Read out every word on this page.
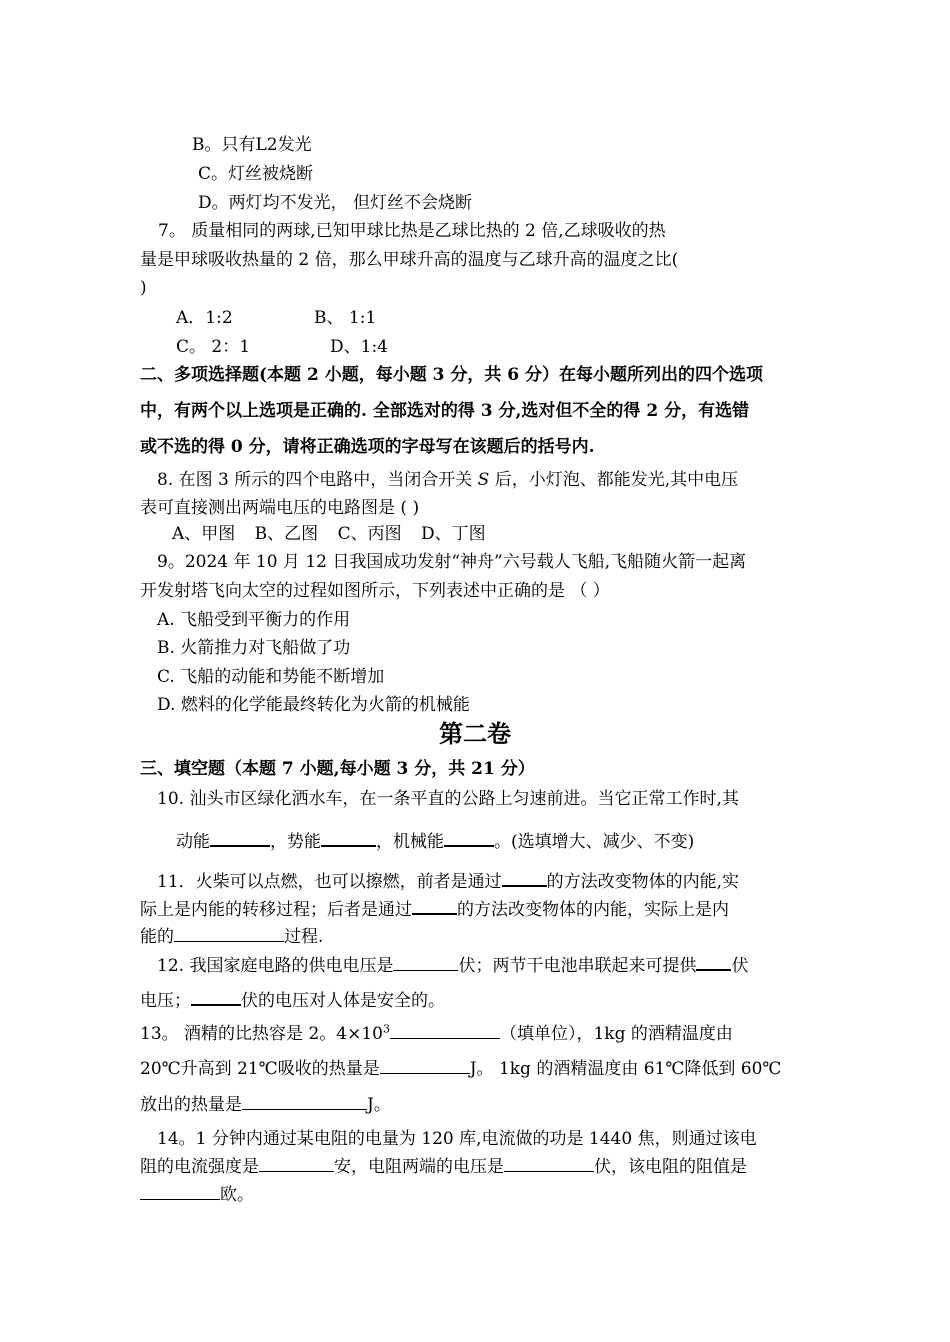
B。只有L2发光
C。灯丝被烧断
D。两灯均不发光， 但灯丝不会烧断
7。 质量相同的两球,已知甲球比热是乙球比热的 2 倍,乙球吸收的热
量是甲球吸收热量的 2 倍，那么甲球升高的温度与乙球升高的温度之比(
)
A．1:2	B、 1:1
C。 2：1	D、1:4
二、多项选择题(本题 2 小题，每小题 3 分，共 6 分）在每小题所列出的四个选项
中，有两个以上选项是正确的. 全部选对的得 3 分,选对但不全的得 2 分，有选错
或不选的得 0 分，请将正确选项的字母写在该题后的括号内.
8. 在图 3 所示的四个电路中，当闭合开关 S 后，小灯泡、都能发光,其中电压
表可直接测出两端电压的电路图是 ( )
A、甲图 B、乙图 C、丙图 D、丁图
9。2024 年 10 月 12 日我国成功发射“神舟”六号载人飞船,飞船随火箭一起离
开发射塔飞向太空的过程如图所示，下列表述中正确的是 （ ）
A. 飞船受到平衡力的作用
B. 火箭推力对飞船做了功
C. 飞船的动能和势能不断增加
D. 燃料的化学能最终转化为火箭的机械能
第二卷
三、填空题（本题 7 小题,每小题 3 分，共 21 分）
10. 汕头市区绿化洒水车，在一条平直的公路上匀速前进。当它正常工作时,其
动能	，势能	，机械能	。(选填增大、减少、不变)
11．火柴可以点燃，也可以擦燃，前者是通过	的方法改变物体的内能,实
际上是内能的转移过程；后者是通过	的方法改变物体的内能，实际上是内
能的	过程.
12. 我国家庭电路的供电电压是	伏；两节干电池串联起来可提供 伏
电压；	伏的电压对人体是安全的。
13。 酒精的比热容是 2。$4\times 10^3$	（填单位），1kg 的酒精温度由
20℃升高到 21℃吸收的热量是	J。 1kg 的酒精温度由 61℃降低到 60℃
放出的热量是	J。
14。1 分钟内通过某电阻的电量为 120 库,电流做的功是 1440 焦，则通过该电
阻的电流强度是	安，电阻两端的电压是	伏，该电阻的阻值是
欧。
